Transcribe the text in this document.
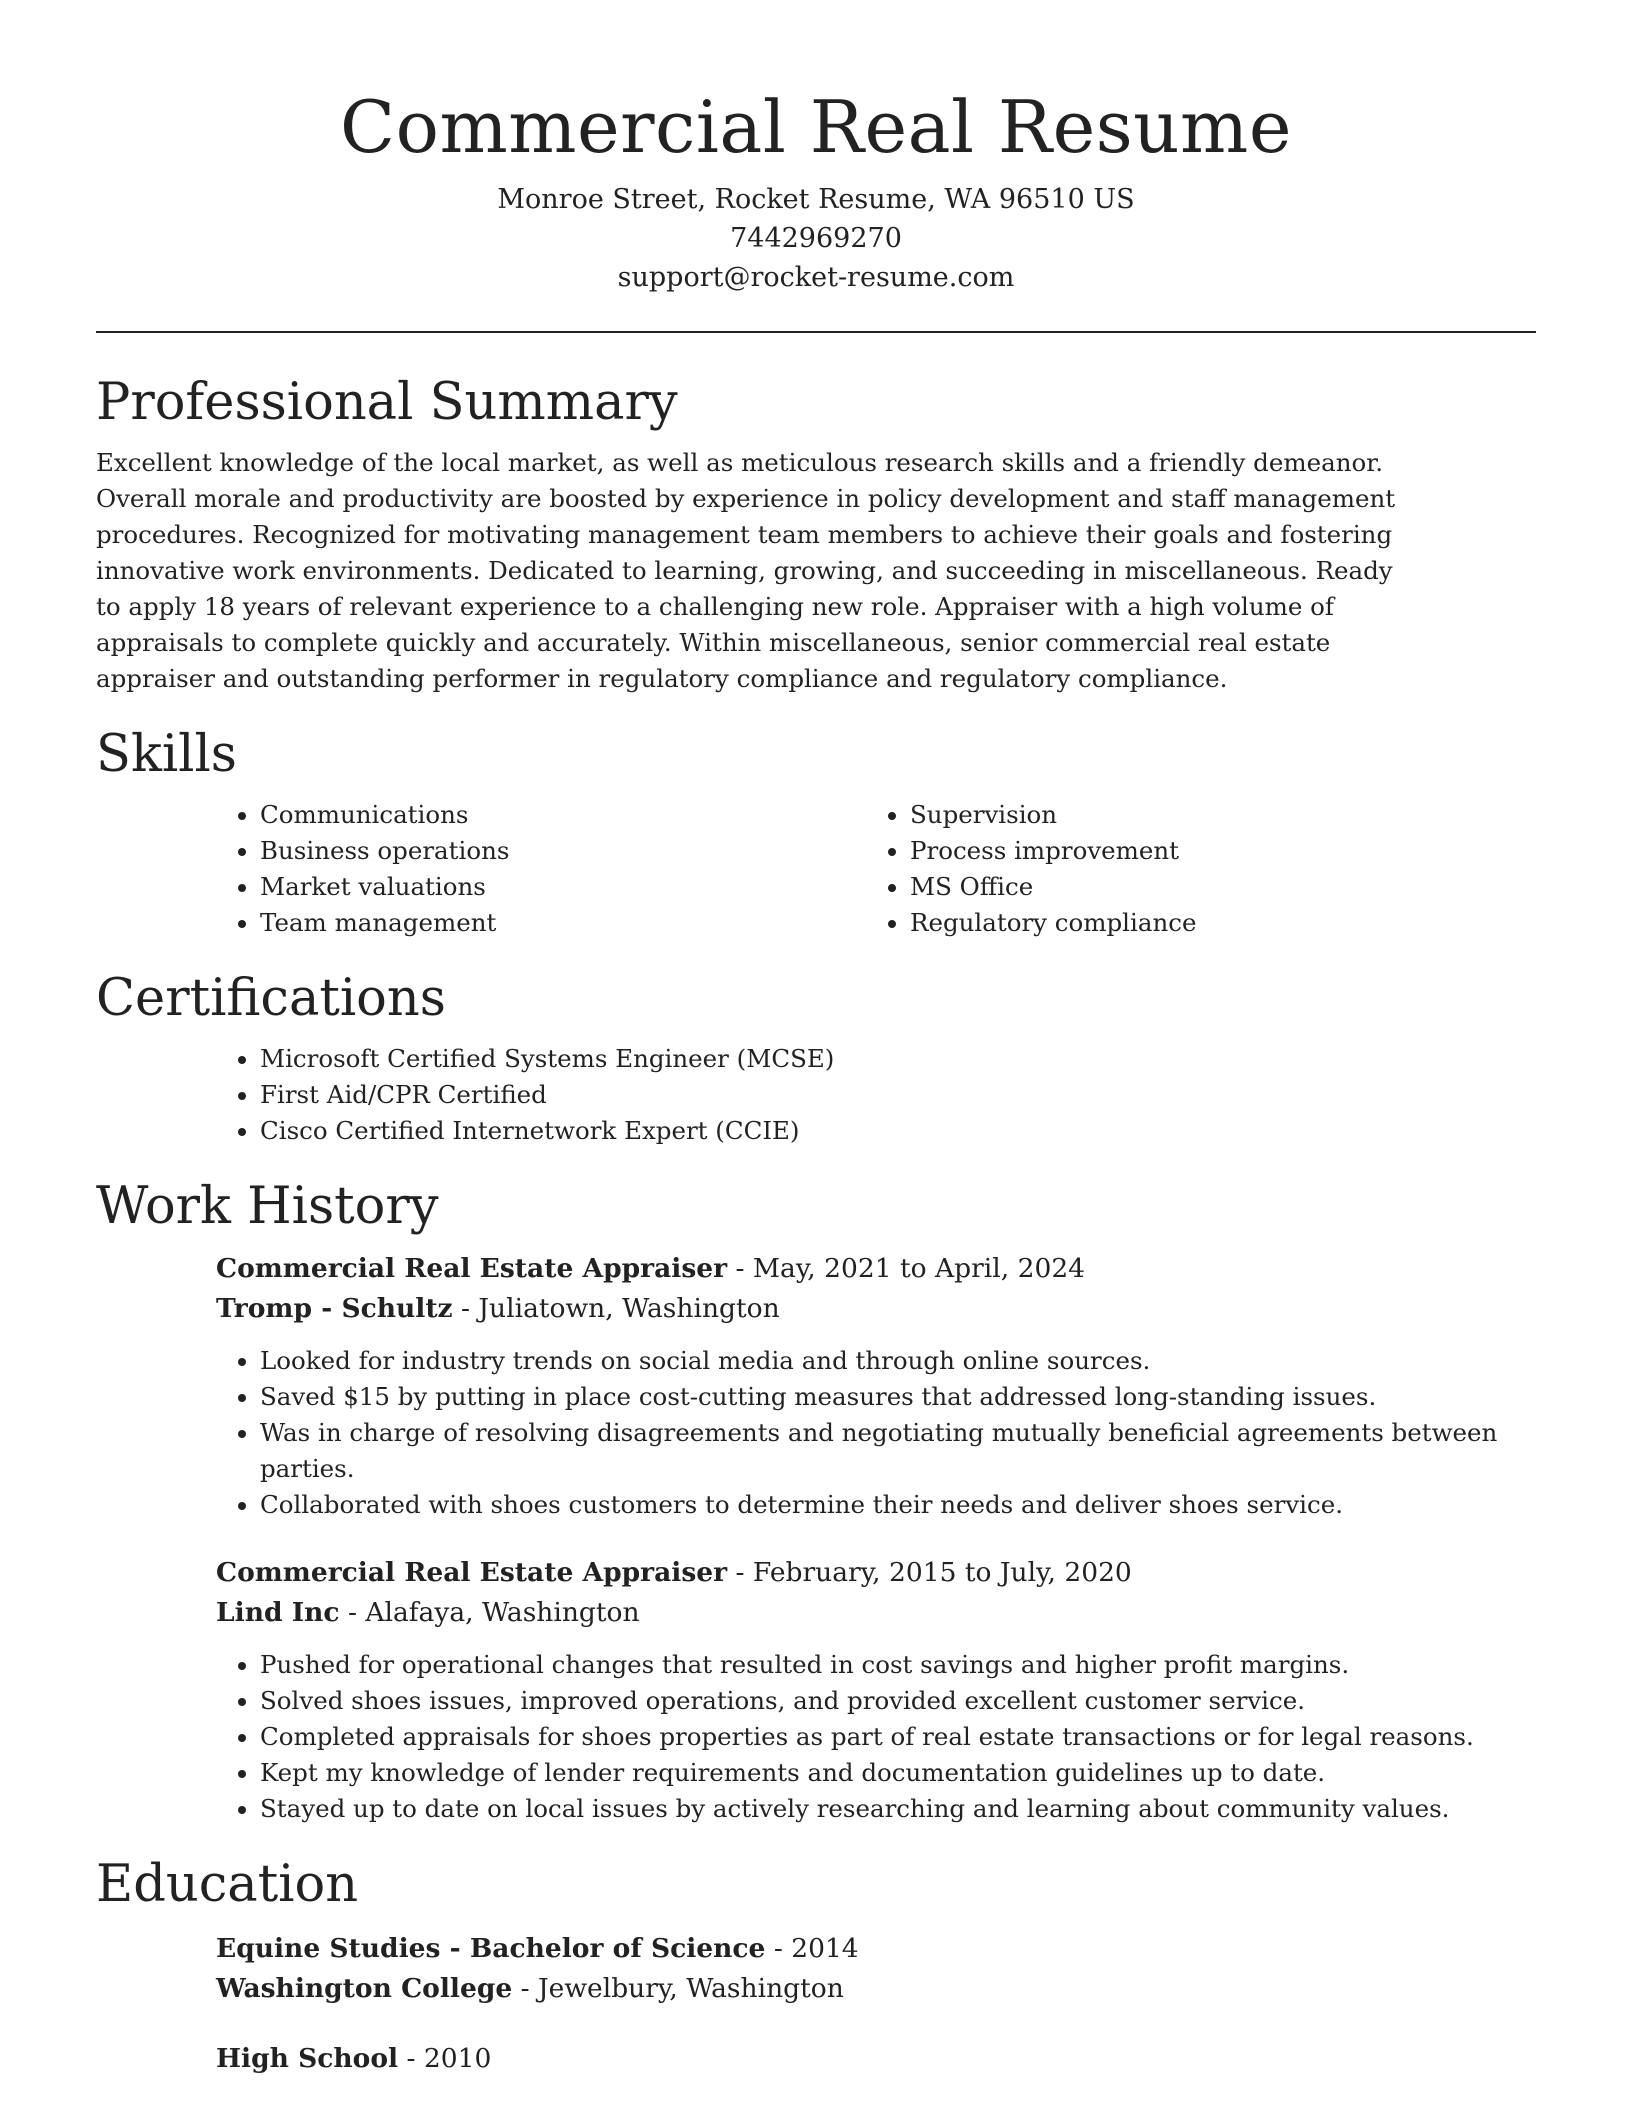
Commercial Real Resume

Monroe Street, Rocket Resume, WA 96510 US

7442969270

support@rocket-resume.com

Professional Summary

Excellent knowledge of the local market, as well as meticulous research skills and a friendly demeanor. Overall morale and productivity are boosted by experience in policy development and staff management procedures. Recognized for motivating management team members to achieve their goals and fostering innovative work environments. Dedicated to learning, growing, and succeeding in miscellaneous. Ready to apply 18 years of relevant experience to a challenging new role. Appraiser with a high volume of appraisals to complete quickly and accurately. Within miscellaneous, senior commercial real estate appraiser and outstanding performer in regulatory compliance and regulatory compliance.

Skills
• Communications
• Business operations
• Market valuations
• Team management
• Supervision
• Process improvement
• MS Office
• Regulatory compliance
Certifications
• Microsoft Certified Systems Engineer (MCSE)
• First Aid/CPR Certified
• Cisco Certified Internetwork Expert (CCIE)
Work History

Commercial Real Estate Appraiser - May, 2021 to April, 2024

Tromp - Schultz - Juliatown, Washington

• Looked for industry trends on social media and through online sources.
• Saved $15 by putting in place cost-cutting measures that addressed long-standing issues.
• Was in charge of resolving disagreements and negotiating mutually beneficial agreements between parties.
• Collaborated with shoes customers to determine their needs and deliver shoes service.

Commercial Real Estate Appraiser - February, 2015 to July, 2020

Lind Inc - Alafaya, Washington

• Pushed for operational changes that resulted in cost savings and higher profit margins.
• Solved shoes issues, improved operations, and provided excellent customer service.
• Completed appraisals for shoes properties as part of real estate transactions or for legal reasons.
• Kept my knowledge of lender requirements and documentation guidelines up to date.
• Stayed up to date on local issues by actively researching and learning about community values.
Education

Equine Studies - Bachelor of Science - 2014

Washington College - Jewelbury, Washington

High School - 2010
